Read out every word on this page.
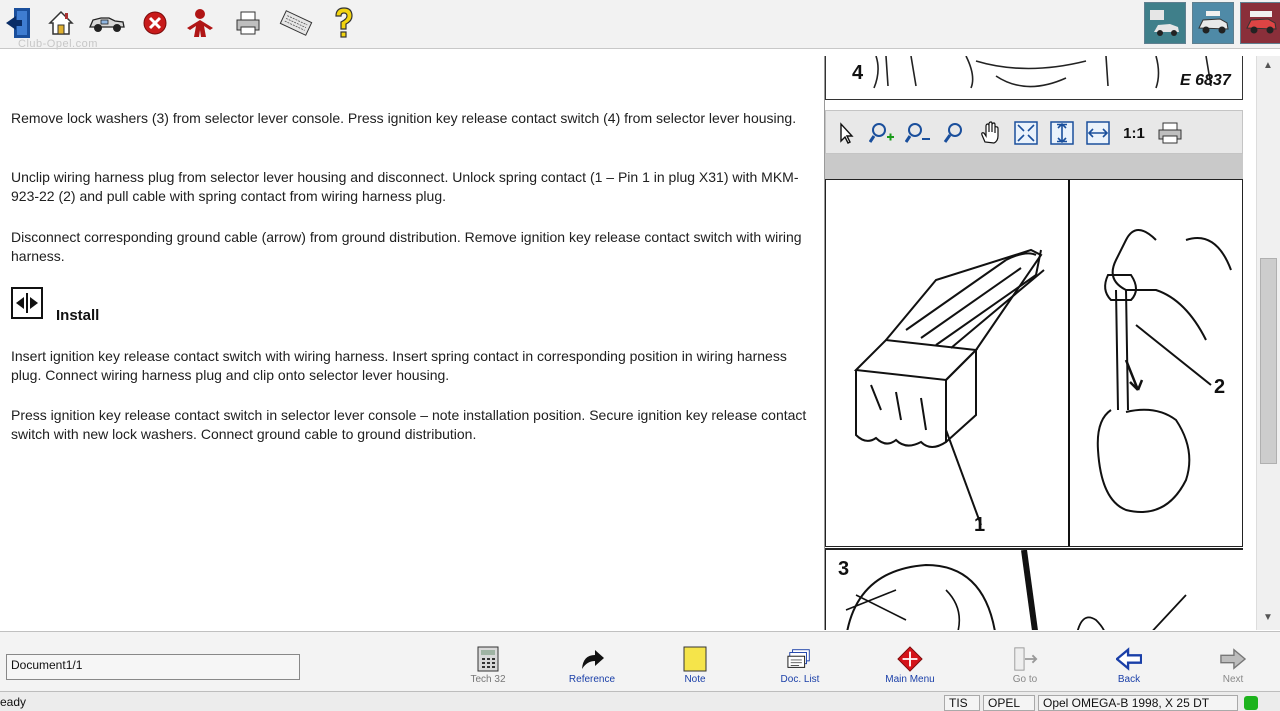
Club-Opel.com
Remove lock washers (3) from selector lever console. Press ignition key release contact switch (4) from selector lever housing.
Unclip wiring harness plug from selector lever housing and disconnect. Unlock spring contact (1 – Pin 1 in plug X31) with MKM-923-22 (2) and pull cable with spring contact from wiring harness plug.
Disconnect corresponding ground cable (arrow) from ground distribution. Remove ignition key release contact switch with wiring harness.
Install
Insert ignition key release contact switch with wiring harness. Insert spring contact in corresponding position in wiring harness plug. Connect wiring harness plug and clip onto selector lever housing.
Press ignition key release contact switch in selector lever console – note installation position. Secure ignition key release contact switch with new lock washers. Connect ground cable to ground distribution.
4	E 6837
1:1
1
2
3
▲
▼
Document1/1
Tech 32	Reference	Note	Doc. List	Main Menu	Go to	Back	Next
eady	TIS	OPEL	Opel OMEGA-B 1998, X 25 DT
